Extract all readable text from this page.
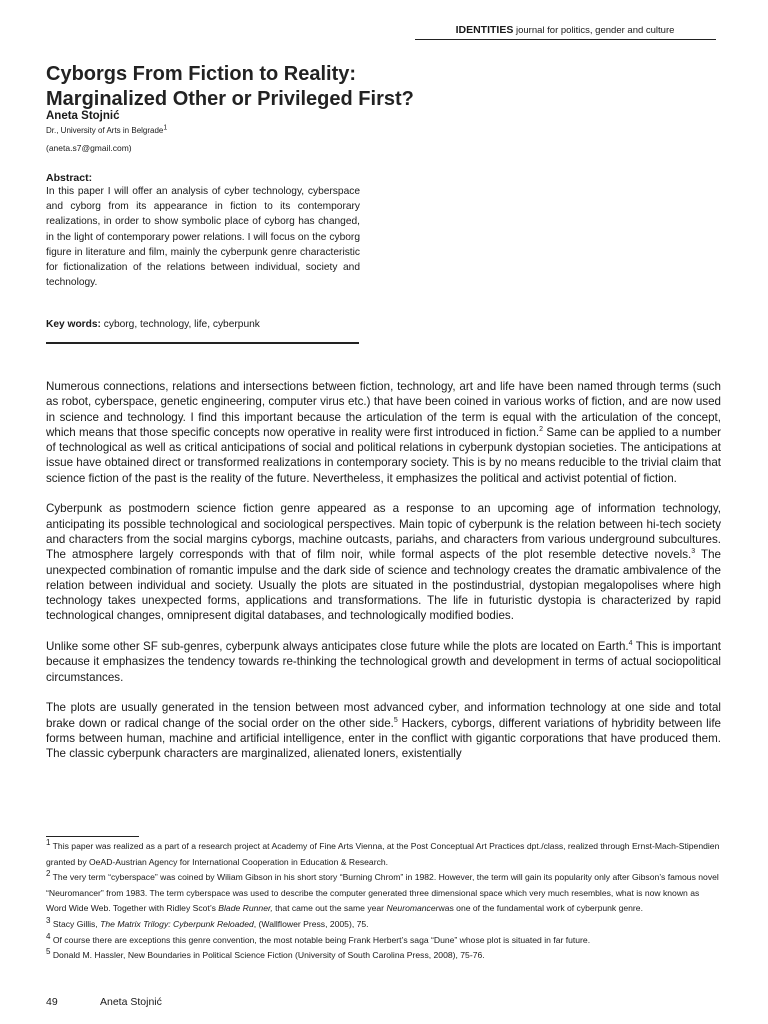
IDENTITIES journal for politics, gender and culture
Cyborgs From Fiction to Reality:
Marginalized Other or Privileged First?
Aneta Stojnić
Dr., University of Arts in Belgrade$^1$
(aneta.s7@gmail.com)
Abstract:
In this paper I will offer an analysis of cyber technology, cyberspace and cyborg from its appearance in fiction to its contemporary realizations, in order to show symbolic place of cyborg has changed, in the light of contemporary power relations. I will focus on the cyborg figure in literature and film, mainly the cyberpunk genre characteristic for fictionalization of the relations between individual, society and technology.
Key words: cyborg, technology, life, cyberpunk

Numerous connections, relations and intersections between fiction, technology, art and life have been named through terms (such as robot, cyberspace, genetic engineering, computer virus etc.) that have been coined in various works of fiction, and are now used in science and technology. I find this important because the articulation of the term is equal with the articulation of the concept, which means that those specific concepts now operative in reality were first introduced in fiction.$^2$ Same can be applied to a number of technological as well as critical anticipations of social and political relations in cyberpunk dystopian societies. The anticipations at issue have obtained direct or transformed realizations in contemporary society. This is by no means reducible to the trivial claim that science fiction of the past is the reality of the future. Nevertheless, it emphasizes the political and activist potential of fiction.

Cyberpunk as postmodern science fiction genre appeared as a response to an upcoming age of information technology, anticipating its possible technological and sociological perspectives. Main topic of cyberpunk is the relation between hi-tech society and characters from the social margins cyborgs, machine outcasts, pariahs, and characters from various underground subcultures. The atmosphere largely corresponds with that of film noir, while formal aspects of the plot resemble detective novels.$^3$ The unexpected combination of romantic impulse and the dark side of science and technology creates the dramatic ambivalence of the relation between individual and society. Usually the plots are situated in the postindustrial, dystopian megalopolises where high technology takes unexpected forms, applications and transformations. The life in futuristic dystopia is characterized by rapid technological changes, omnipresent digital databases, and technologically modified bodies.

Unlike some other SF sub-genres, cyberpunk always anticipates close future while the plots are located on Earth.$^4$ This is important because it emphasizes the tendency towards re-thinking the technological growth and development in terms of actual sociopolitical circumstances.

The plots are usually generated in the tension between most advanced cyber, and information technology at one side and total brake down or radical change of the social order on the other side.$^5$ Hackers, cyborgs, different variations of hybridity between life forms between human, machine and artificial intelligence, enter in the conflict with gigantic corporations that have produced them. The classic cyberpunk characters are marginalized, alienated loners, existentially

$^1$ This paper was realized as a part of a research project at Academy of Fine Arts Vienna, at the Post Conceptual Art Practices dpt./class, realized through Ernst-Mach-Stipendien granted by OeAD-Austrian Agency for International Cooperation in Education & Research.
$^2$ The very term “cyberspace” was coined by Wiliam Gibson in his short story “Burning Chrom” in 1982. However, the term will gain its popularity only after Gibson’s famous novel “Neuromancer” from 1983. The term cyberspace was used to describe the computer generated three dimensional space which very much resembles, what is now known as Word Wide Web. Together with Ridley Scot’s Blade Runner, that came out the same year Neuromancerwas one of the fundamental work of cyberpunk genre.
$^3$ Stacy Gillis, The Matrix Trilogy: Cyberpunk Reloaded, (Wallflower Press, 2005), 75.
$^4$ Of course there are exceptions this genre convention, the most notable being Frank Herbert’s saga “Dune” whose plot is situated in far future.
$^5$ Donald M. Hassler, New Boundaries in Political Science Fiction (University of South Carolina Press, 2008), 75-76.
49	Aneta Stojnić
